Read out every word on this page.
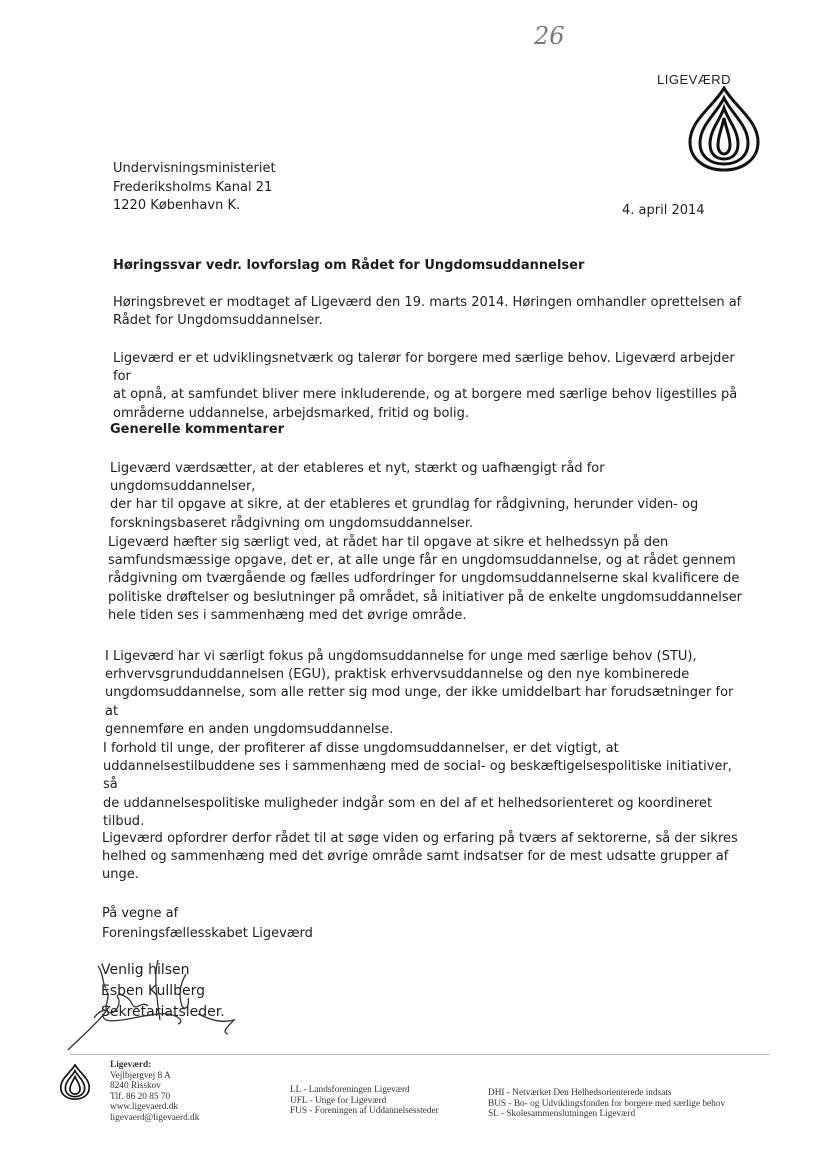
26
LIGEVÆRD
Undervisningsministeriet
Frederiksholms Kanal 21
1220 København K.	4. april 2014
Høringssvar vedr. lovforslag om Rådet for Ungdomsuddannelser
Høringsbrevet er modtaget af Ligeværd den 19. marts 2014. Høringen omhandler oprettelsen af
Rådet for Ungdomsuddannelser.
Ligeværd er et udviklingsnetværk og talerør for borgere med særlige behov. Ligeværd arbejder for
at opnå, at samfundet bliver mere inkluderende, og at borgere med særlige behov ligestilles på
områderne uddannelse, arbejdsmarked, fritid og bolig.
Generelle kommentarer
Ligeværd værdsætter, at der etableres et nyt, stærkt og uafhængigt råd for ungdomsuddannelser,
der har til opgave at sikre, at der etableres et grundlag for rådgivning, herunder viden- og
forskningsbaseret rådgivning om ungdomsuddannelser.
Ligeværd hæfter sig særligt ved, at rådet har til opgave at sikre et helhedssyn på den
samfundsmæssige opgave, det er, at alle unge får en ungdomsuddannelse, og at rådet gennem
rådgivning om tværgående og fælles udfordringer for ungdomsuddannelserne skal kvalificere de
politiske drøftelser og beslutninger på området, så initiativer på de enkelte ungdomsuddannelser
hele tiden ses i sammenhæng med det øvrige område.
I Ligeværd har vi særligt fokus på ungdomsuddannelse for unge med særlige behov (STU),
erhvervsgrunduddannelsen (EGU), praktisk erhvervsuddannelse og den nye kombinerede
ungdomsuddannelse, som alle retter sig mod unge, der ikke umiddelbart har forudsætninger for at
gennemføre en anden ungdomsuddannelse.
I forhold til unge, der profiterer af disse ungdomsuddannelser, er det vigtigt, at
uddannelsestilbuddene ses i sammenhæng med de social- og beskæftigelsespolitiske initiativer, så
de uddannelsespolitiske muligheder indgår som en del af et helhedsorienteret og koordineret
tilbud.
Ligeværd opfordrer derfor rådet til at søge viden og erfaring på tværs af sektorerne, så der sikres
helhed og sammenhæng med det øvrige område samt indsatser for de mest udsatte grupper af
unge.
På vegne af
Foreningsfællesskabet Ligeværd
Venlig hilsen
Esben Kullberg
Sekretariatsleder.
Ligeværd:
Vejlbjergvej 8 A
8240 Risskov
Tlf. 86 20 85 70
www.ligevaerd.dk
ligevaerd@ligevaerd.dk
LL - Landsforeningen Ligeværd
UFL - Unge for Ligeværd
FUS - Foreningen af Uddannelsessteder
DHI - Netværket Den Helhedsorienterede indsats
BUS - Bo- og Udviklingsfonden for borgere med særlige behov
SL - Skolesammenslutningen Ligeværd
